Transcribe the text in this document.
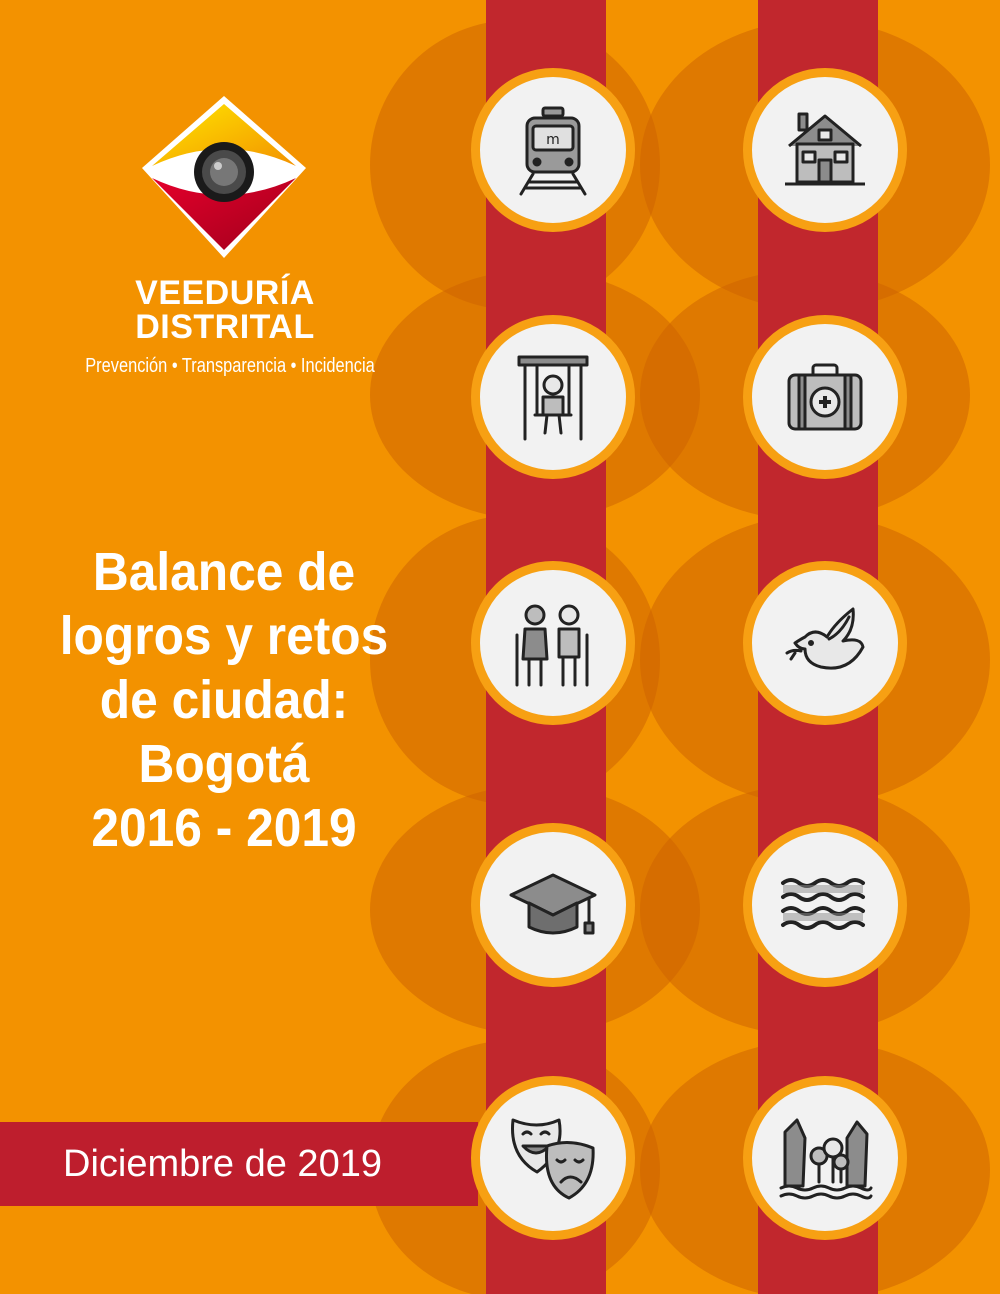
VEEDURÍA
DISTRITAL
Prevención • Transparencia • Incidencia
Balance de
logros y retos
de ciudad:
Bogotá
2016 - 2019
Diciembre de 2019
m
